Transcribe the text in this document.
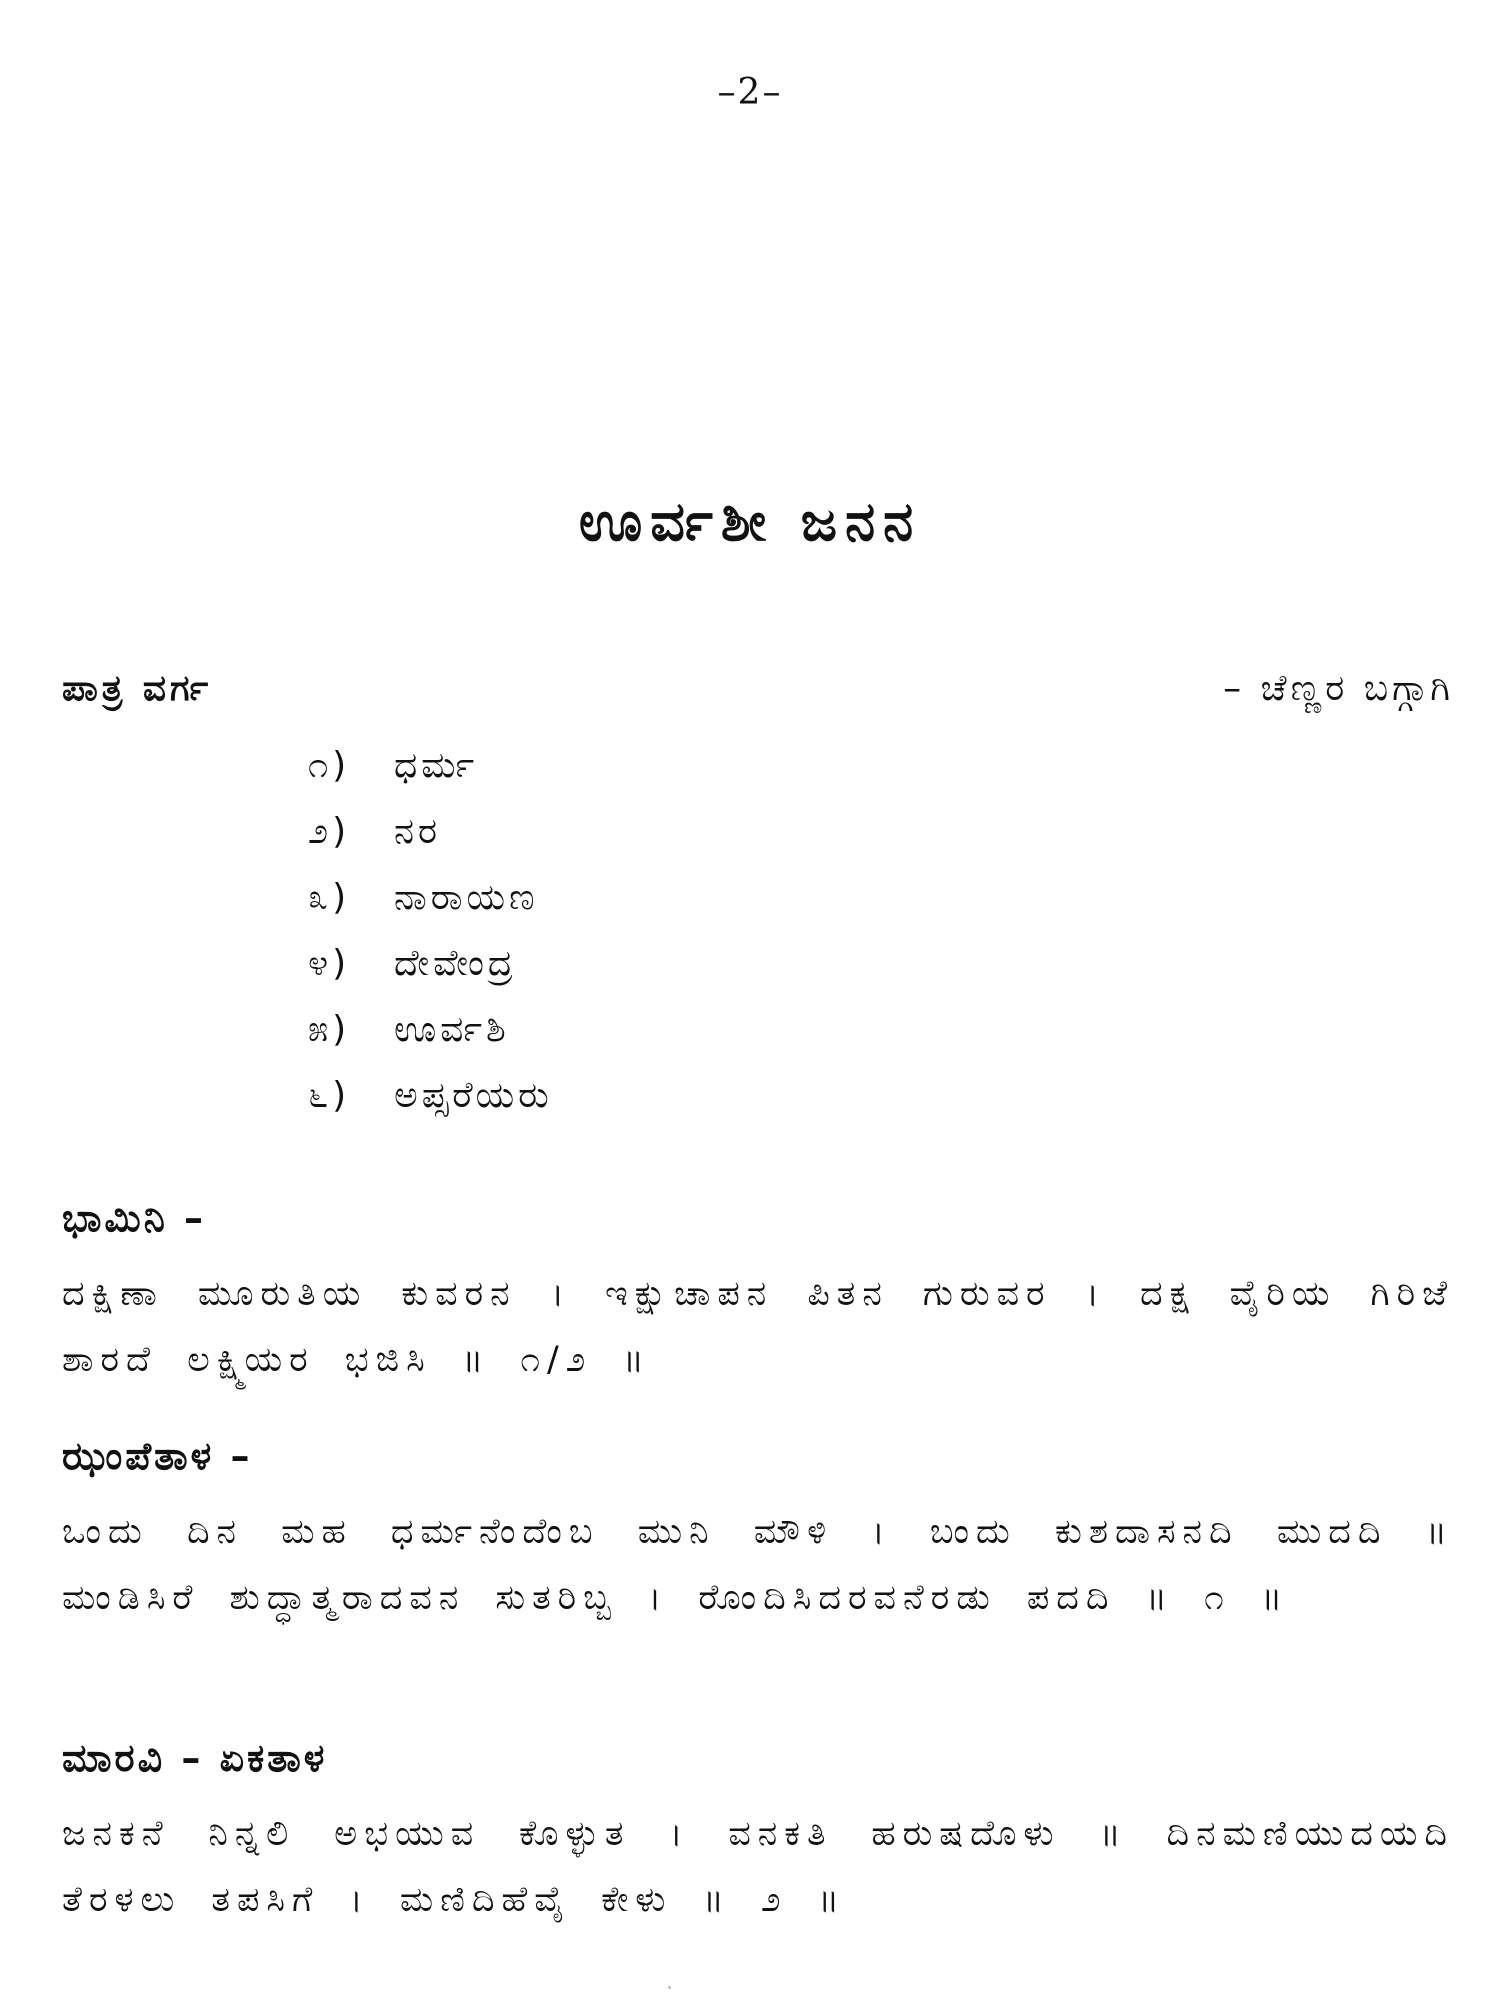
–2–
ಊರ್ವಶೀ ಜನನ
ಪಾತ್ರ ವರ್ಗ	– ಚೆಣ್ಣರ ಬಗ್ಗಾಗಿ
೧) ಧರ್ಮ
೨) ನರ
೩) ನಾರಾಯಣ
೪) ದೇವೇಂದ್ರ
೫) ಊರ್ವಶಿ
೬) ಅಪ್ಸರೆಯರು
ಭಾಮಿನಿ –

ದಕ್ಷಿಣಾ ಮೂರುತಿಯ ಕುವರನ । ಇಕ್ಷುಚಾಪನ ಪಿತನ ಗುರುವರ । ದಕ್ಷ ವೈರಿಯ ಗಿರಿಜೆ ಶಾರದೆ ಲಕ್ಷ್ಮಿಯರ ಭಜಿಸಿ ॥ ೧/೨ ॥

ಝಂಪೆತಾಳ –

ಒಂದು ದಿನ ಮಹ ಧರ್ಮನೆಂದೆಂಬ ಮುನಿ ಮೌಳಿ । ಬಂದು ಕುಶದಾಸನದಿ ಮುದದಿ ॥ ಮಂಡಿಸಿರೆ ಶುದ್ಧಾತ್ಮರಾದವನ ಸುತರಿಬ್ಬ । ರೊಂದಿಸಿದರವನೆರಡು ಪದದಿ ॥ ೧ ॥

ಮಾರವಿ – ಏಕತಾಳ

ಜನಕನೆ ನಿನ್ನಲಿ ಅಭಯುವ ಕೊಳ್ಳುತ । ವನಕತಿ ಹರುಷದೊಳು ॥ ದಿನಮಣಿಯುದಯದಿ ತೆರಳಲು ತಪಸಿಗೆ । ಮಣಿದಿಹೆವೈ ಕೇಳು ॥ ೨ ॥
